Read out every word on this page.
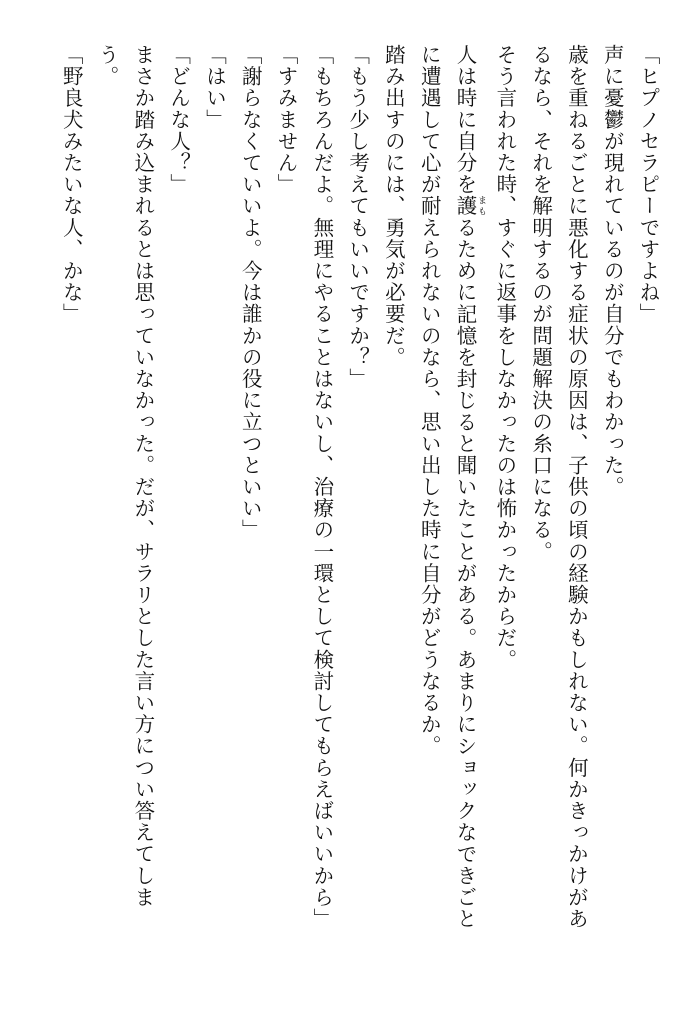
「ヒプノセラピーですよね」
声に憂鬱が現れているのが自分でもわかった。
歳を重ねるごとに悪化する症状の原因は、子供の頃の経験かもしれない。何かきっかけがあ
るなら、それを解明するのが問題解決の糸口になる。
そう言われた時、すぐに返事をしなかったのは怖かったからだ。
人は時に自分を護 まもるために記憶を封じると聞いたことがある。あまりにショックなできごと
に遭遇して心が耐えられないのなら、思い出した時に自分がどうなるか。
踏み出すのには、勇気が必要だ。
「もう少し考えてもいいですか？」
「もちろんだよ。無理にやることはないし、治療の一環として検討してもらえばいいから」
「すみません」
「謝らなくていいよ。今は誰かの役に立つといい」
「はい」
「どんな人？」
まさか踏み込まれるとは思っていなかった。だが、サラリとした言い方につい答えてしま
う。
「野良犬みたいな人、かな」
